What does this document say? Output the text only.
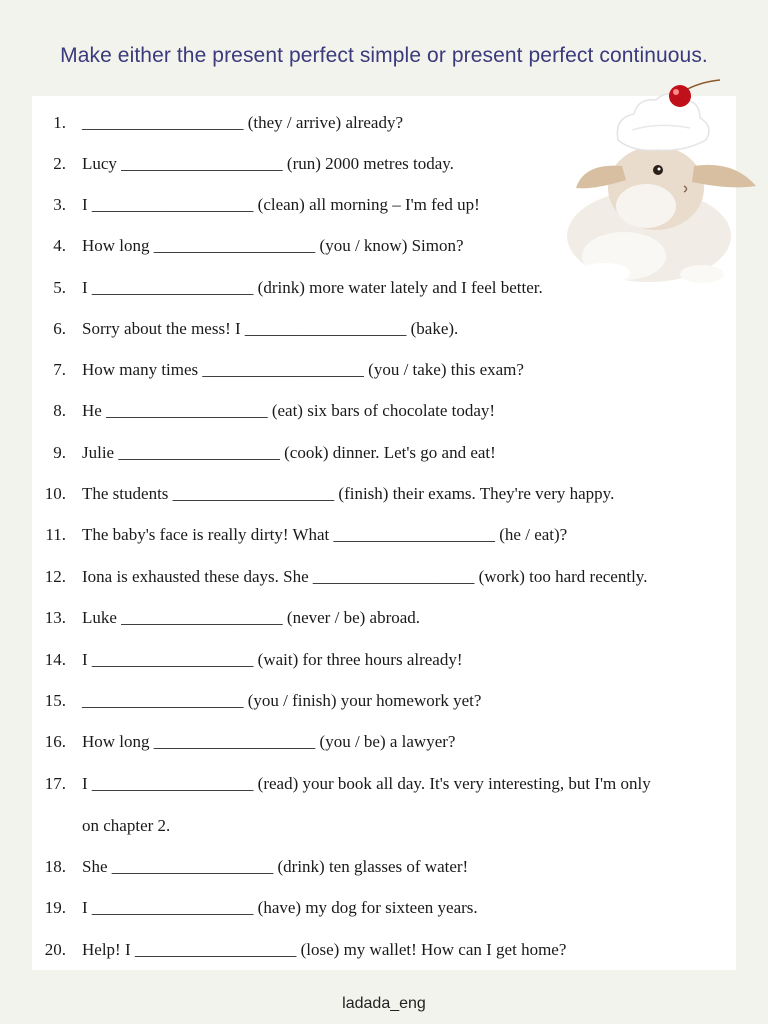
Make either the present perfect simple or present perfect continuous.
1. ___________________ (they / arrive) already?
2. Lucy ___________________ (run) 2000 metres today.
3. I ___________________ (clean) all morning – I'm fed up!
4. How long ___________________ (you / know) Simon?
5. I ___________________ (drink) more water lately and I feel better.
6. Sorry about the mess! I ___________________ (bake).
7. How many times ___________________ (you / take) this exam?
8. He ___________________ (eat) six bars of chocolate today!
9. Julie ___________________ (cook) dinner. Let's go and eat!
10. The students ___________________ (finish) their exams. They're very happy.
11. The baby's face is really dirty! What ___________________ (he / eat)?
12. Iona is exhausted these days. She ___________________ (work) too hard recently.
13. Luke ___________________ (never / be) abroad.
14. I ___________________ (wait) for three hours already!
15. ___________________ (you / finish) your homework yet?
16. How long ___________________ (you / be) a lawyer?
17. I ___________________ (read) your book all day. It's very interesting, but I'm only
on chapter 2.
18. She ___________________ (drink) ten glasses of water!
19. I ___________________ (have) my dog for sixteen years.
20. Help! I ___________________ (lose) my wallet! How can I get home?
ladada_eng
